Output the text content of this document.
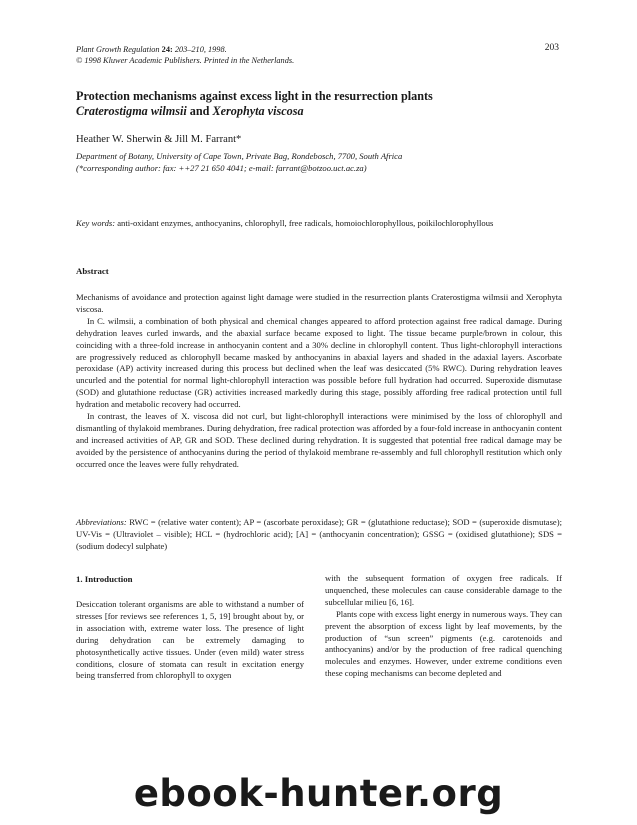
Plant Growth Regulation 24: 203–210, 1998.
© 1998 Kluwer Academic Publishers. Printed in the Netherlands.
203
Protection mechanisms against excess light in the resurrection plants
Craterostigma wilmsii and Xerophyta viscosa
Heather W. Sherwin & Jill M. Farrant*
Department of Botany, University of Cape Town, Private Bag, Rondebosch, 7700, South Africa
(*corresponding author: fax: ++27 21 650 4041; e-mail: farrant@botzoo.uct.ac.za)
Key words: anti-oxidant enzymes, anthocyanins, chlorophyll, free radicals, homoiochlorophyllous, poikilochlorophyllous
Abstract

Mechanisms of avoidance and protection against light damage were studied in the resurrection plants Craterostigma wilmsii and Xerophyta viscosa.

In C. wilmsii, a combination of both physical and chemical changes appeared to afford protection against free radical damage. During dehydration leaves curled inwards, and the abaxial surface became exposed to light. The tissue became purple/brown in colour, this coinciding with a three-fold increase in anthocyanin content and a 30% decline in chlorophyll content. Thus light-chlorophyll interactions are progressively reduced as chlorophyll became masked by anthocyanins in abaxial layers and shaded in the adaxial layers. Ascorbate peroxidase (AP) activity increased during this process but declined when the leaf was desiccated (5% RWC). During rehydration leaves uncurled and the potential for normal light-chlorophyll interaction was possible before full hydration had occurred. Superoxide dismutase (SOD) and glutathione reductase (GR) activities increased markedly during this stage, possibly affording free radical protection until full hydration and metabolic recovery had occurred.

In contrast, the leaves of X. viscosa did not curl, but light-chlorophyll interactions were minimised by the loss of chlorophyll and dismantling of thylakoid membranes. During dehydration, free radical protection was afforded by a four-fold increase in anthocyanin content and increased activities of AP, GR and SOD. These declined during rehydration. It is suggested that potential free radical damage may be avoided by the persistence of anthocyanins during the period of thylakoid membrane re-assembly and full chlorophyll restitution which only occurred once the leaves were fully rehydrated.

Abbreviations: RWC = (relative water content); AP = (ascorbate peroxidase); GR = (glutathione reductase); SOD = (superoxide dismutase); UV-Vis = (Ultraviolet – visible); HCL = (hydrochloric acid); [A] = (anthocyanin concentration); GSSG = (oxidised glutathione); SDS = (sodium dodecyl sulphate)
1. Introduction
Desiccation tolerant organisms are able to withstand a number of stresses [for reviews see references 1, 5, 19] brought about by, or in association with, extreme water loss. The presence of light during dehydration can be extremely damaging to photosynthetically active tissues. Under (even mild) water stress conditions, closure of stomata can result in excitation energy being transferred from chlorophyll to oxygen

with the subsequent formation of oxygen free radicals. If unquenched, these molecules can cause considerable damage to the subcellular milieu [6, 16].

Plants cope with excess light energy in numerous ways. They can prevent the absorption of excess light by leaf movements, by the production of “sun screen” pigments (e.g. carotenoids and anthocyanins) and/or by the production of free radical quenching molecules and enzymes. However, under extreme conditions even these coping mechanisms can become depleted and

ebook-hunter.org
